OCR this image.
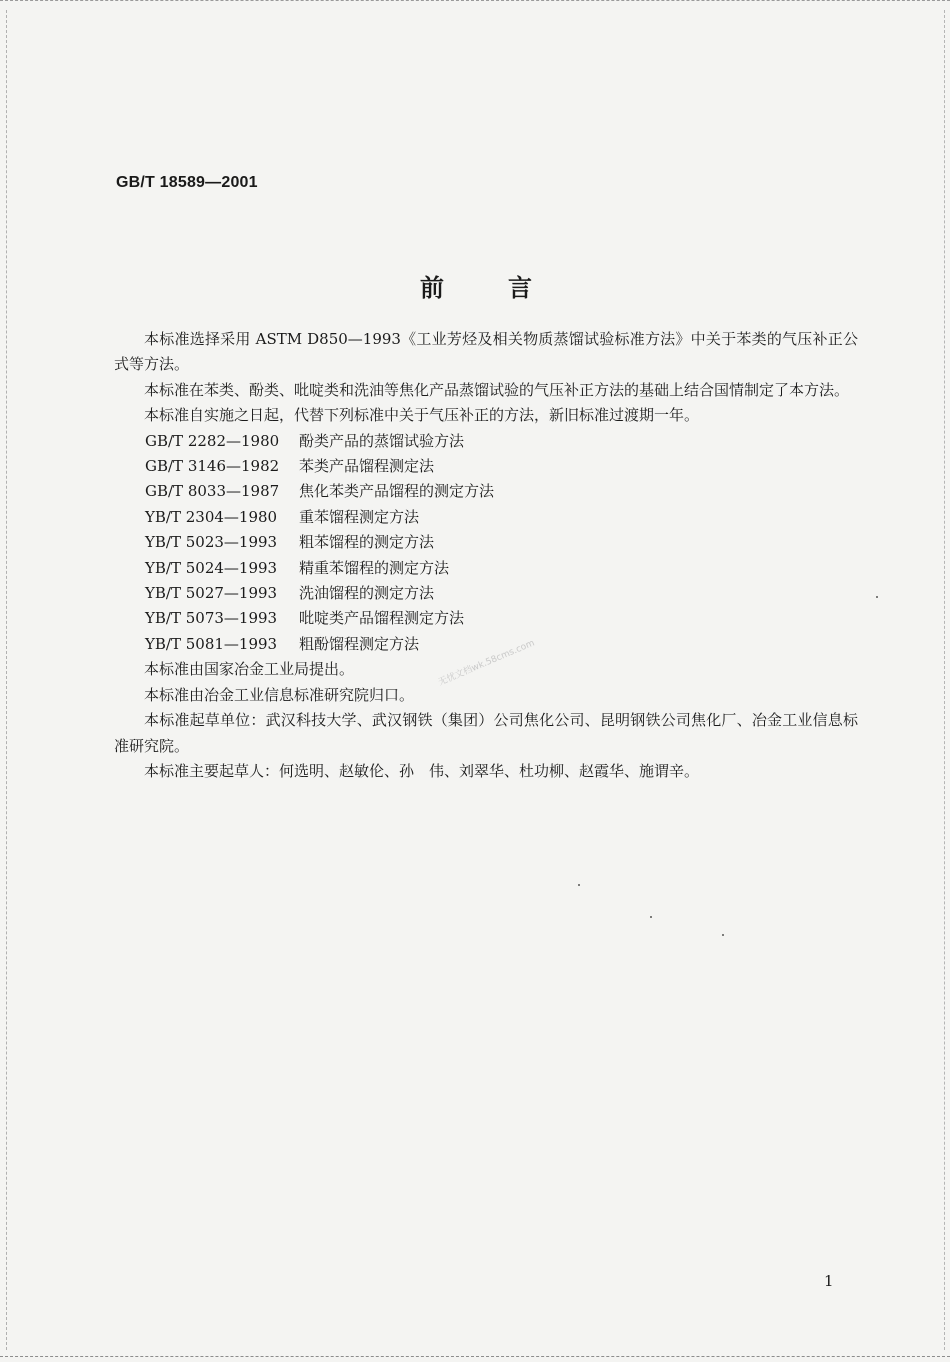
GB/T 18589—2001
前	言

本标准选择采用 ASTM D850—1993《工业芳烃及相关物质蒸馏试验标准方法》中关于苯类的气压补正公式等方法。

本标准在苯类、酚类、吡啶类和洗油等焦化产品蒸馏试验的气压补正方法的基础上结合国情制定了本方法。

本标准自实施之日起，代替下列标准中关于气压补正的方法，新旧标准过渡期一年。

GB/T 2282—1980 酚类产品的蒸馏试验方法

GB/T 3146—1982 苯类产品馏程测定法

GB/T 8033—1987 焦化苯类产品馏程的测定方法

YB/T 2304—1980 重苯馏程测定方法

YB/T 5023—1993 粗苯馏程的测定方法

YB/T 5024—1993 精重苯馏程的测定方法

YB/T 5027—1993 洗油馏程的测定方法

YB/T 5073—1993 吡啶类产品馏程测定方法

YB/T 5081—1993 粗酚馏程测定方法

本标准由国家冶金工业局提出。

本标准由冶金工业信息标准研究院归口。

本标准起草单位：武汉科技大学、武汉钢铁（集团）公司焦化公司、昆明钢铁公司焦化厂、冶金工业信息标准研究院。

本标准主要起草人：何选明、赵敏伦、孙　伟、刘翠华、杜功柳、赵霞华、施谓辛。

无忧文档wk.58cms.com
1
